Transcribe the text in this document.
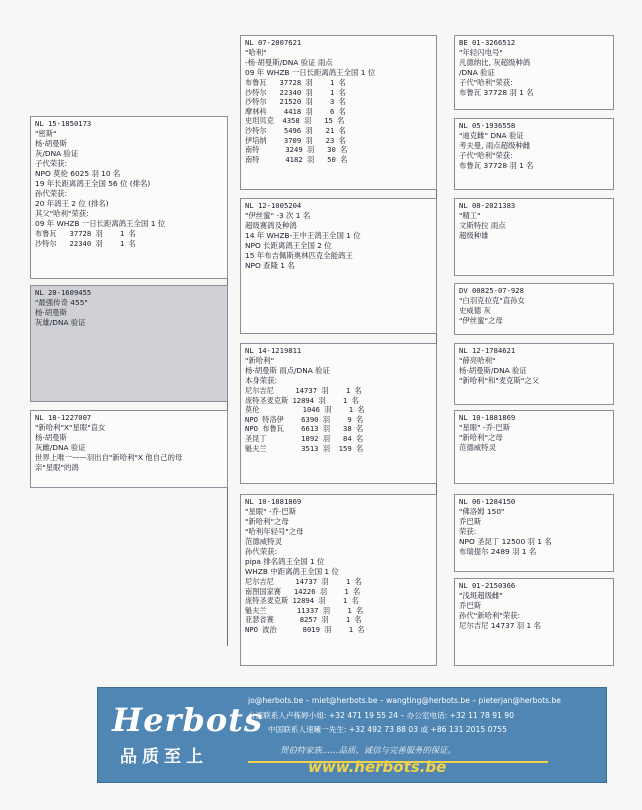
NL 15-1850173
"密斯"
杨·胡曼斯
灰/DNA 验证
子代荣获:
NPO 莫伦 6025 羽 10 名
19 年长距离鸽王全国 56 位 (排名)
孙代荣获:
20 年鸽王 2 位 (排名)
其父"哈利"荣获:
09 年 WHZB 一日长距离鸽王全国 1 位
布鲁瓦   37728 羽    1 名
沙特尔   22340 羽    1 名
NL 20-1609455
"最强传奇 455"
杨·胡曼斯
灰雄/DNA 验证
NL 18-1227007
"新哈利"X"星眼"直女
杨·胡曼斯
灰雌/DNA 验证
世界上唯一——羽出自"新哈利"X 他自己的母
亲"星眼"的鸽
NL 07-2007621
"哈利"
-杨·胡曼斯/DNA 验证 雨点
09 年 WHZB 一日长距离鸽王全国 1 位
布鲁瓦   37728 羽    1 名
沙特尔   22340 羽    1 名
沙特尔   21520 羽    3 名
摩林科    4418 羽    6 名
史坦贝克  4358 羽   15 名
沙特尔    5496 羽   21 名
伊培纳    3709 羽   23 名
南特      3249 羽   30 名
南特      4182 羽   50 名
NL 12-1005204
"伊丝蜜" -3 次 1 名
超级赛鸽及种鸽
14 年 WHZB-王中王鸽王全国 1 位
NPO 长距离鸽王全国 2 位
15 年布吉佩斯奥林匹克全能鸽王
NPO 查隆 1 名
NL 14-1219811
"新哈利"
杨·胡曼斯 雨点/DNA 验证
本身荣获:
尼尔吉尼     14737 羽    1 名
庞特圣麦克斯 12894 羽    1 名
莫伦          1046 羽    1 名
NPO 特洛伊    6390 羽    9 名
NPO 布鲁瓦    6613 羽   38 名
圣昆丁        1892 羽   84 名
魁夫兰        3513 羽  159 名
NL 10-1881869
"星眼" -乔·巴斯
"新哈利"之母
"哈利年轻号"之母
范德威特灵
孙代荣获:
pipa 排名鸽王全国 1 位
WHZB 中距离鸽王全国 1 位
尼尔吉尼     14737 羽    1 名
南图国家赛   14226 羽    1 名
庞特圣麦克斯 12894 羽    1 名
魁夫兰       11337 羽    1 名
亚瑟省赛      8257 羽    1 名
NPO 波治      8019 羽    1 名
BE 01-3266512
"年轻闪电号"
凡德纳比, 灰超级种鸽
/DNA 验证
子代"哈利"荣获:
布鲁瓦 37728 羽 1 名
NL 05-1936558
"迪克雌" DNA 验证
考夫曼, 雨点超级种雌
子代"哈利"荣获:
布鲁瓦 37728 羽 1 名
NL 08-2021383
"精工"
文斯特拉 雨点
超级种雄
DV 00825-07-928
"白羽克拉克"直孙女
史威德 灰
"伊丝蜜"之母
NL 12-1784621
"薛亮哈利"
杨·胡曼斯/DNA 验证
"新哈利"和"麦克斯"之父
NL 10-1881869
"星眼" -乔·巴斯
"新哈利"之母
范德威特灵
NL 06-1284150
"佛洛姆 150"
乔巴斯
荣获:
NPO 圣昆丁 12500 羽 1 名
布瑞提尔 2489 羽 1 名
NL 01-2150366
"浅斑超级雌"
乔巴斯
孙代"新哈利"荣获:
尼尔吉尼 14737 羽 1 名
Herbots
品质至上
jo@herbots.be – miet@herbots.be – wangting@herbots.be – pieterjan@herbots.be
台湾联系人卢栋婷小姐: +32 471 19 55 24 – 办公室电话: +32 11 78 91 90
中国联系人速曦一先生: +32 492 73 88 03 或 +86 131 2015 0755
贺伯特家族……品质、诚信与完善服务的保证。
www.herbots.be
